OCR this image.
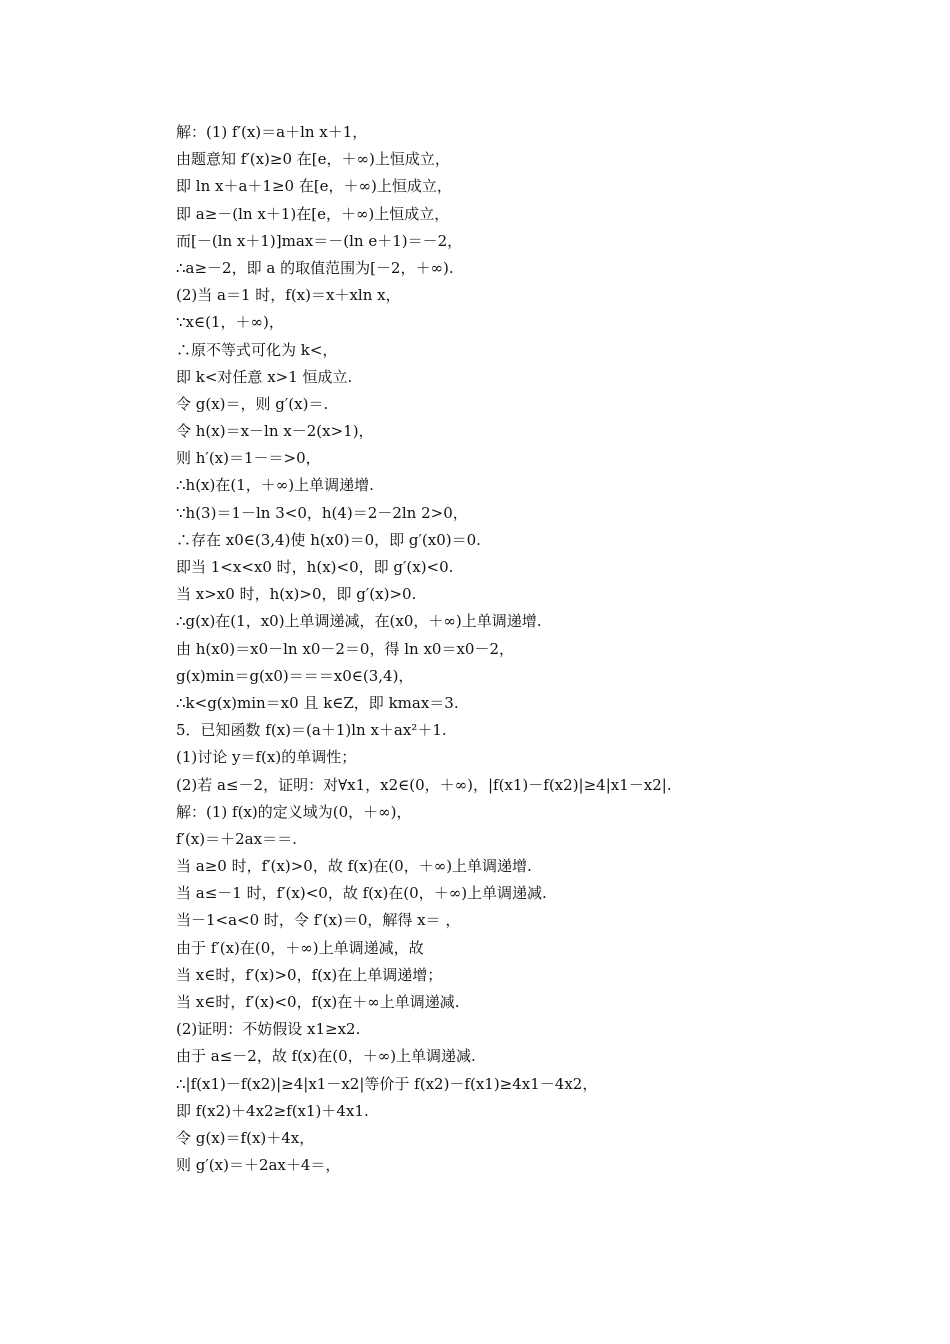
解：(1) f′(x)＝a＋ln x＋1，
由题意知 f′(x)≥0 在[e，＋∞)上恒成立，
即 ln x＋a＋1≥0 在[e，＋∞)上恒成立，
即 a≥－(ln x＋1)在[e，＋∞)上恒成立，
而[－(ln x＋1)]max＝－(ln e＋1)＝－2，
∴a≥－2，即 a 的取值范围为[－2，＋∞).
(2)当 a＝1 时，f(x)＝x＋xln x，
∵x∈(1，＋∞)，
∴原不等式可化为 k<，
即 k<对任意 x>1 恒成立.
令 g(x)＝，则 g′(x)＝.
令 h(x)＝x－ln x－2(x>1)，
则 h′(x)＝1－＝>0，
∴h(x)在(1，＋∞)上单调递增.
∵h(3)＝1－ln 3<0，h(4)＝2－2ln 2>0，
∴存在 x0∈(3,4)使 h(x0)＝0，即 g′(x0)＝0.
即当 1<x<x0 时，h(x)<0，即 g′(x)<0.
当 x>x0 时，h(x)>0，即 g′(x)>0.
∴g(x)在(1，x0)上单调递减，在(x0，＋∞)上单调递增.
由 h(x0)＝x0－ln x0－2＝0，得 ln x0＝x0－2，
g(x)min＝g(x0)＝＝＝x0∈(3,4)，
∴k<g(x)min＝x0 且 k∈Z，即 kmax＝3.
5．已知函数 f(x)＝(a＋1)ln x＋ax²＋1.
(1)讨论 y＝f(x)的单调性；
(2)若 a≤－2，证明：对∀x1，x2∈(0，＋∞)，|f(x1)－f(x2)|≥4|x1－x2|.
解：(1) f(x)的定义域为(0，＋∞)，
f′(x)＝＋2ax＝＝.
当 a≥0 时，f′(x)>0，故 f(x)在(0，＋∞)上单调递增.
当 a≤－1 时，f′(x)<0，故 f(x)在(0，＋∞)上单调递减.
当－1<a<0 时，令 f′(x)＝0，解得 x＝ ，
由于 f′(x)在(0，＋∞)上单调递减，故
当 x∈时，f′(x)>0，f(x)在上单调递增；
当 x∈时，f′(x)<0，f(x)在＋∞上单调递减.
(2)证明：不妨假设 x1≥x2.
由于 a≤－2，故 f(x)在(0，＋∞)上单调递减.
∴|f(x1)－f(x2)|≥4|x1－x2|等价于 f(x2)－f(x1)≥4x1－4x2，
即 f(x2)＋4x2≥f(x1)＋4x1.
令 g(x)＝f(x)＋4x，
则 g′(x)＝＋2ax＋4＝，
